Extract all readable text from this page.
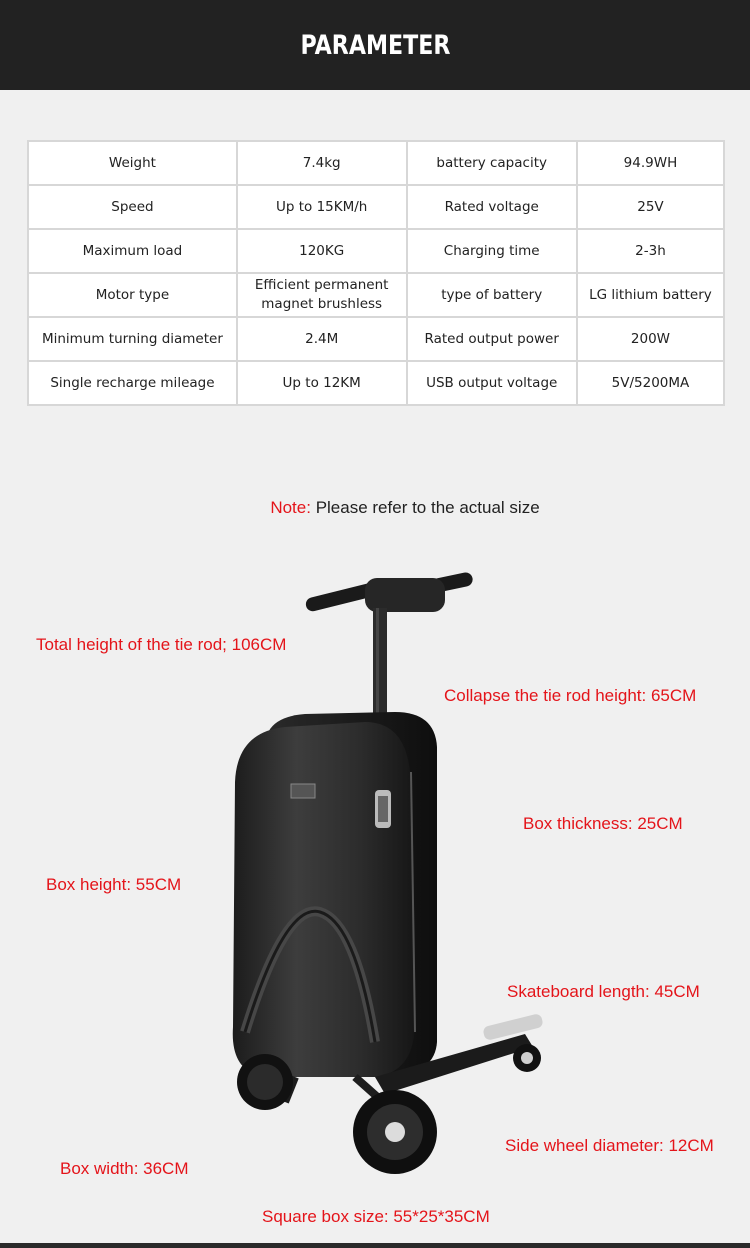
PARAMETER
Weight	7.4kg	battery capacity	94.9WH
Speed	Up to 15KM/h	Rated voltage	25V
Maximum load	120KG	Charging time	2-3h
Motor type	Efficient permanent magnet brushless	type of battery	LG lithium battery
Minimum turning diameter	2.4M	Rated output power	200W
Single recharge mileage	Up to 12KM	USB output voltage	5V/5200MA
Note: Please refer to the actual size
Total height of the tie rod; 106CM
Collapse the tie rod height: 65CM
Box thickness: 25CM
Box height: 55CM
Skateboard length: 45CM
Side wheel diameter: 12CM
Box width: 36CM
Square box size: 55*25*35CM
